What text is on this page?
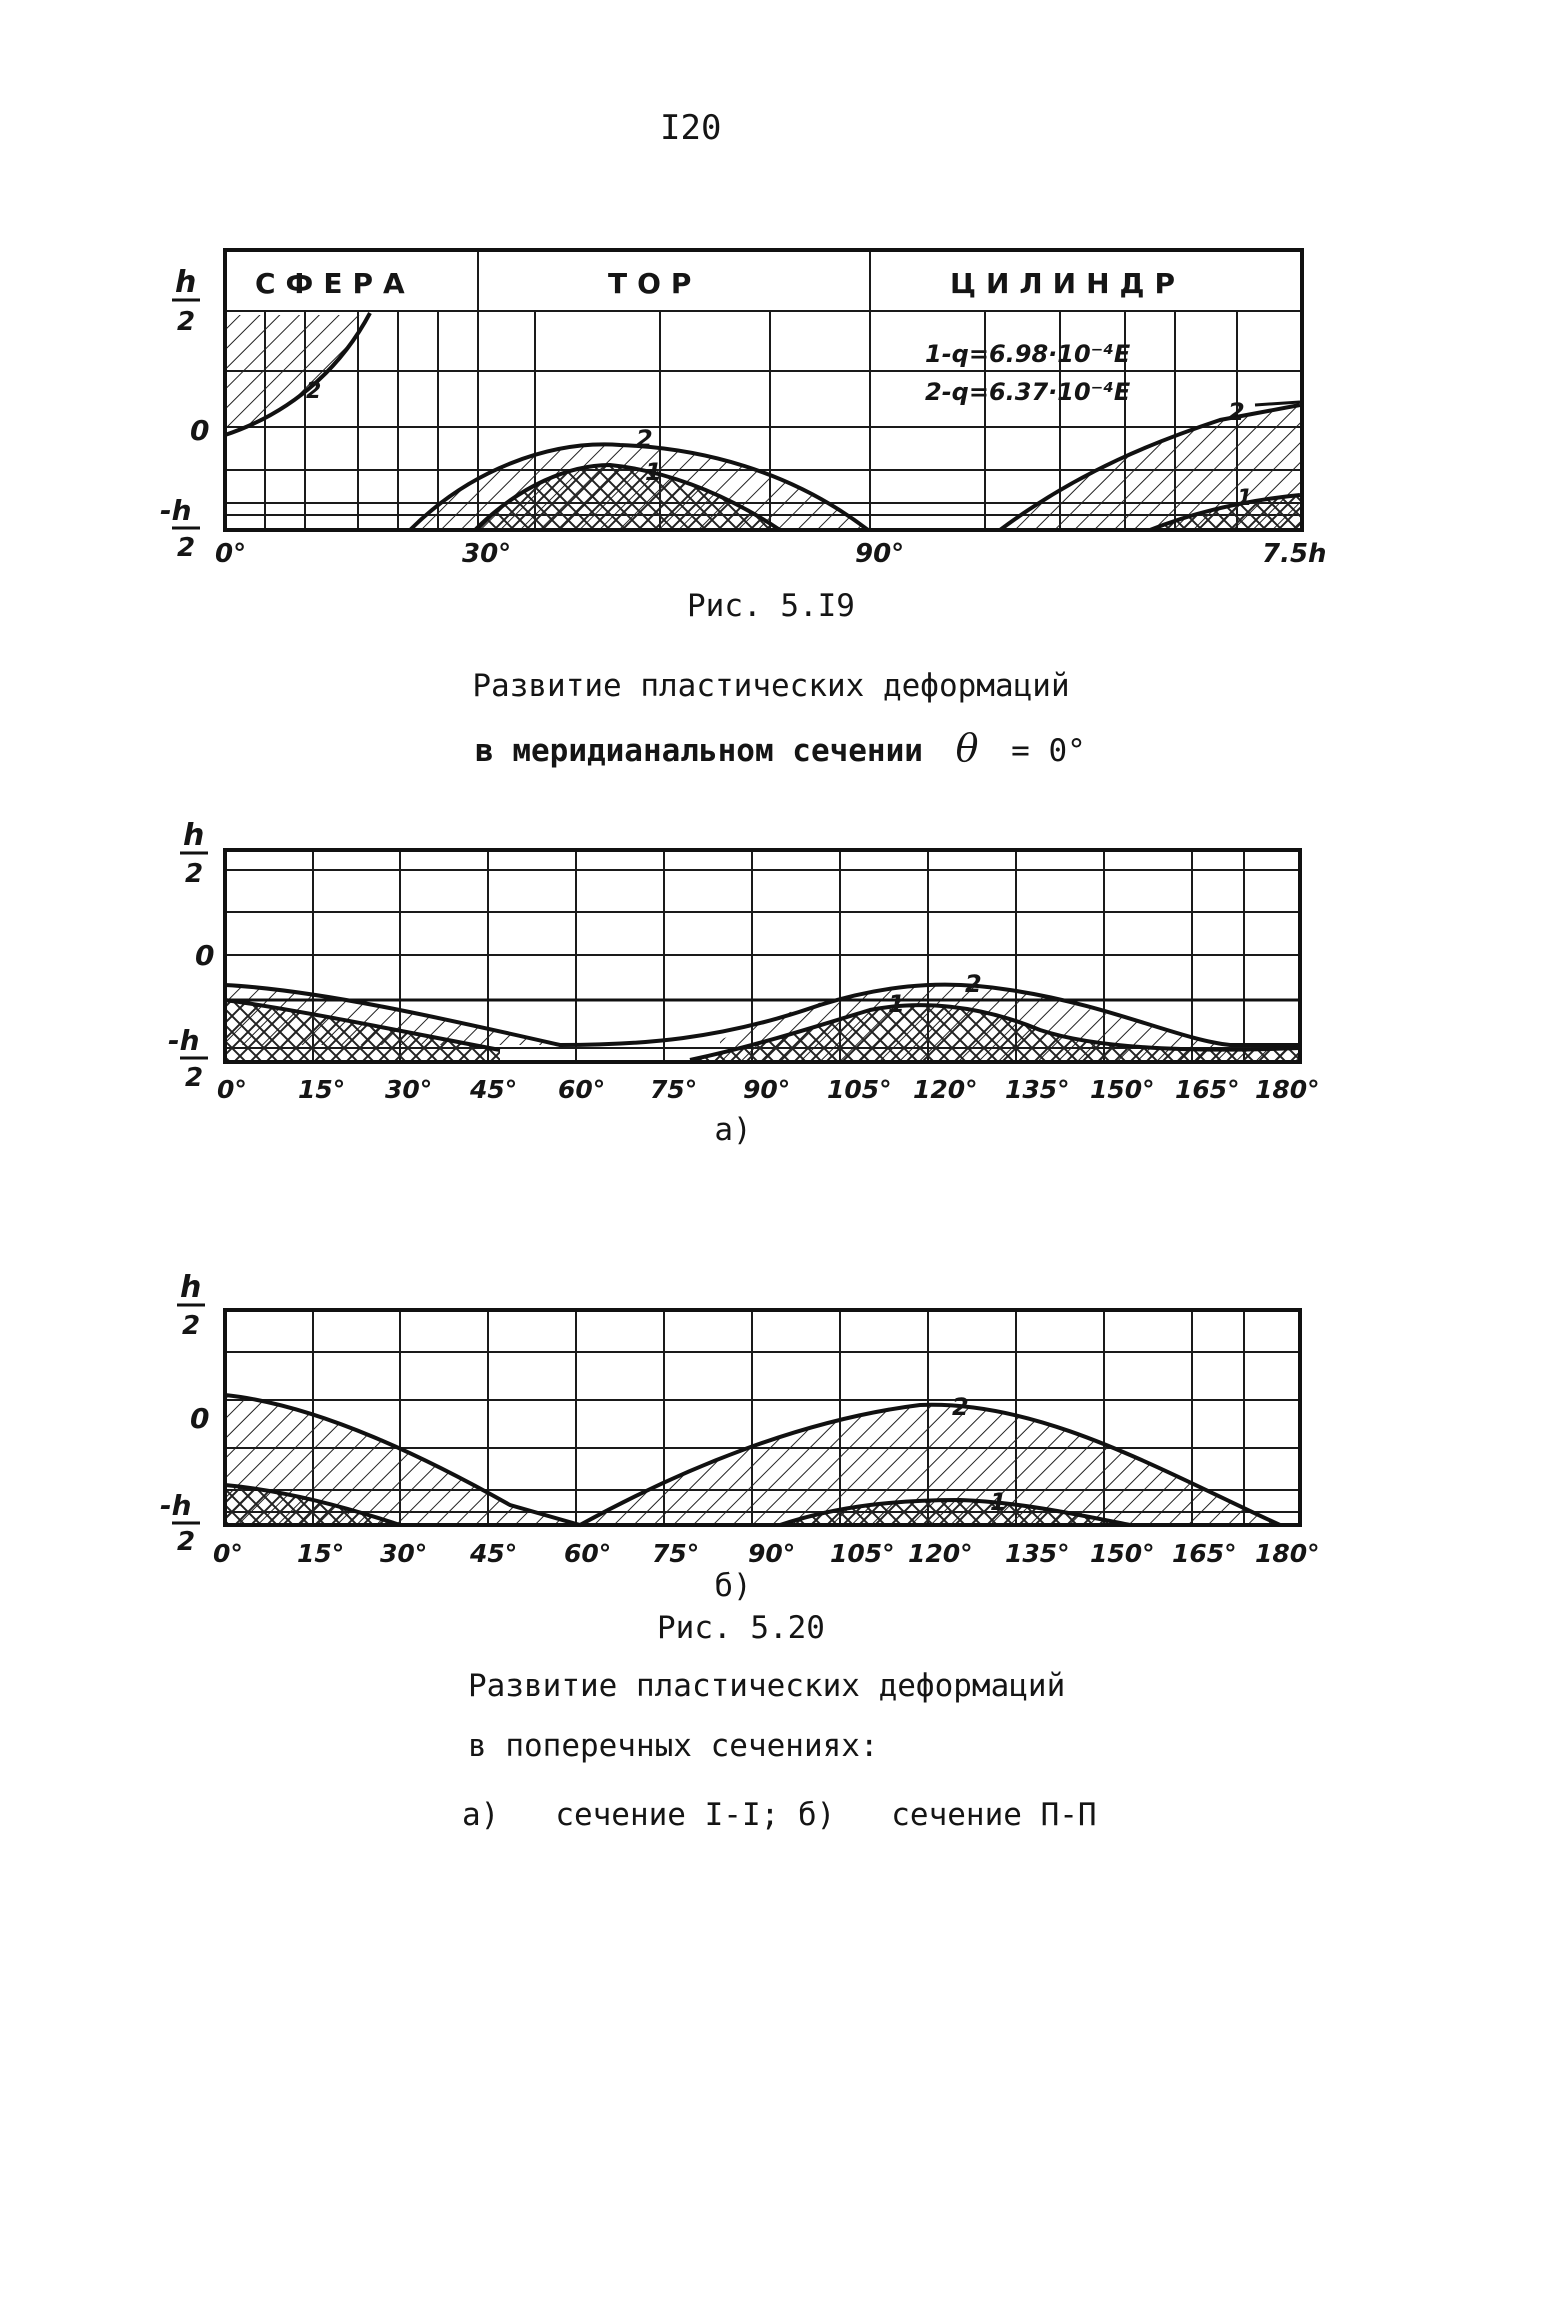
I20
СФЕРА	ТОР	ЦИЛИНДР
1-q=6.98·10⁻⁴E
2-q=6.37·10⁻⁴E
1
2
2
2
1
h
2
0
-h
2 0°	30°	90°	7.5h
1
2
h
2
0
-h
2 0° 15° 30° 45° 60° 75° 90° 105° 120° 135° 150° 165° 180°
1
2
h
2
0
-h
2 0° 15° 30° 45° 60° 75° 90° 105° 120° 135° 150° 165° 180°
Рис. 5.I9
Развитие пластических деформаций
в меридианальном сечении θ = 0°
а)
б)
Рис. 5.20
Развитие пластических деформаций
в поперечных сечениях:
а)   сечение I-I; б)   сечение П-П
